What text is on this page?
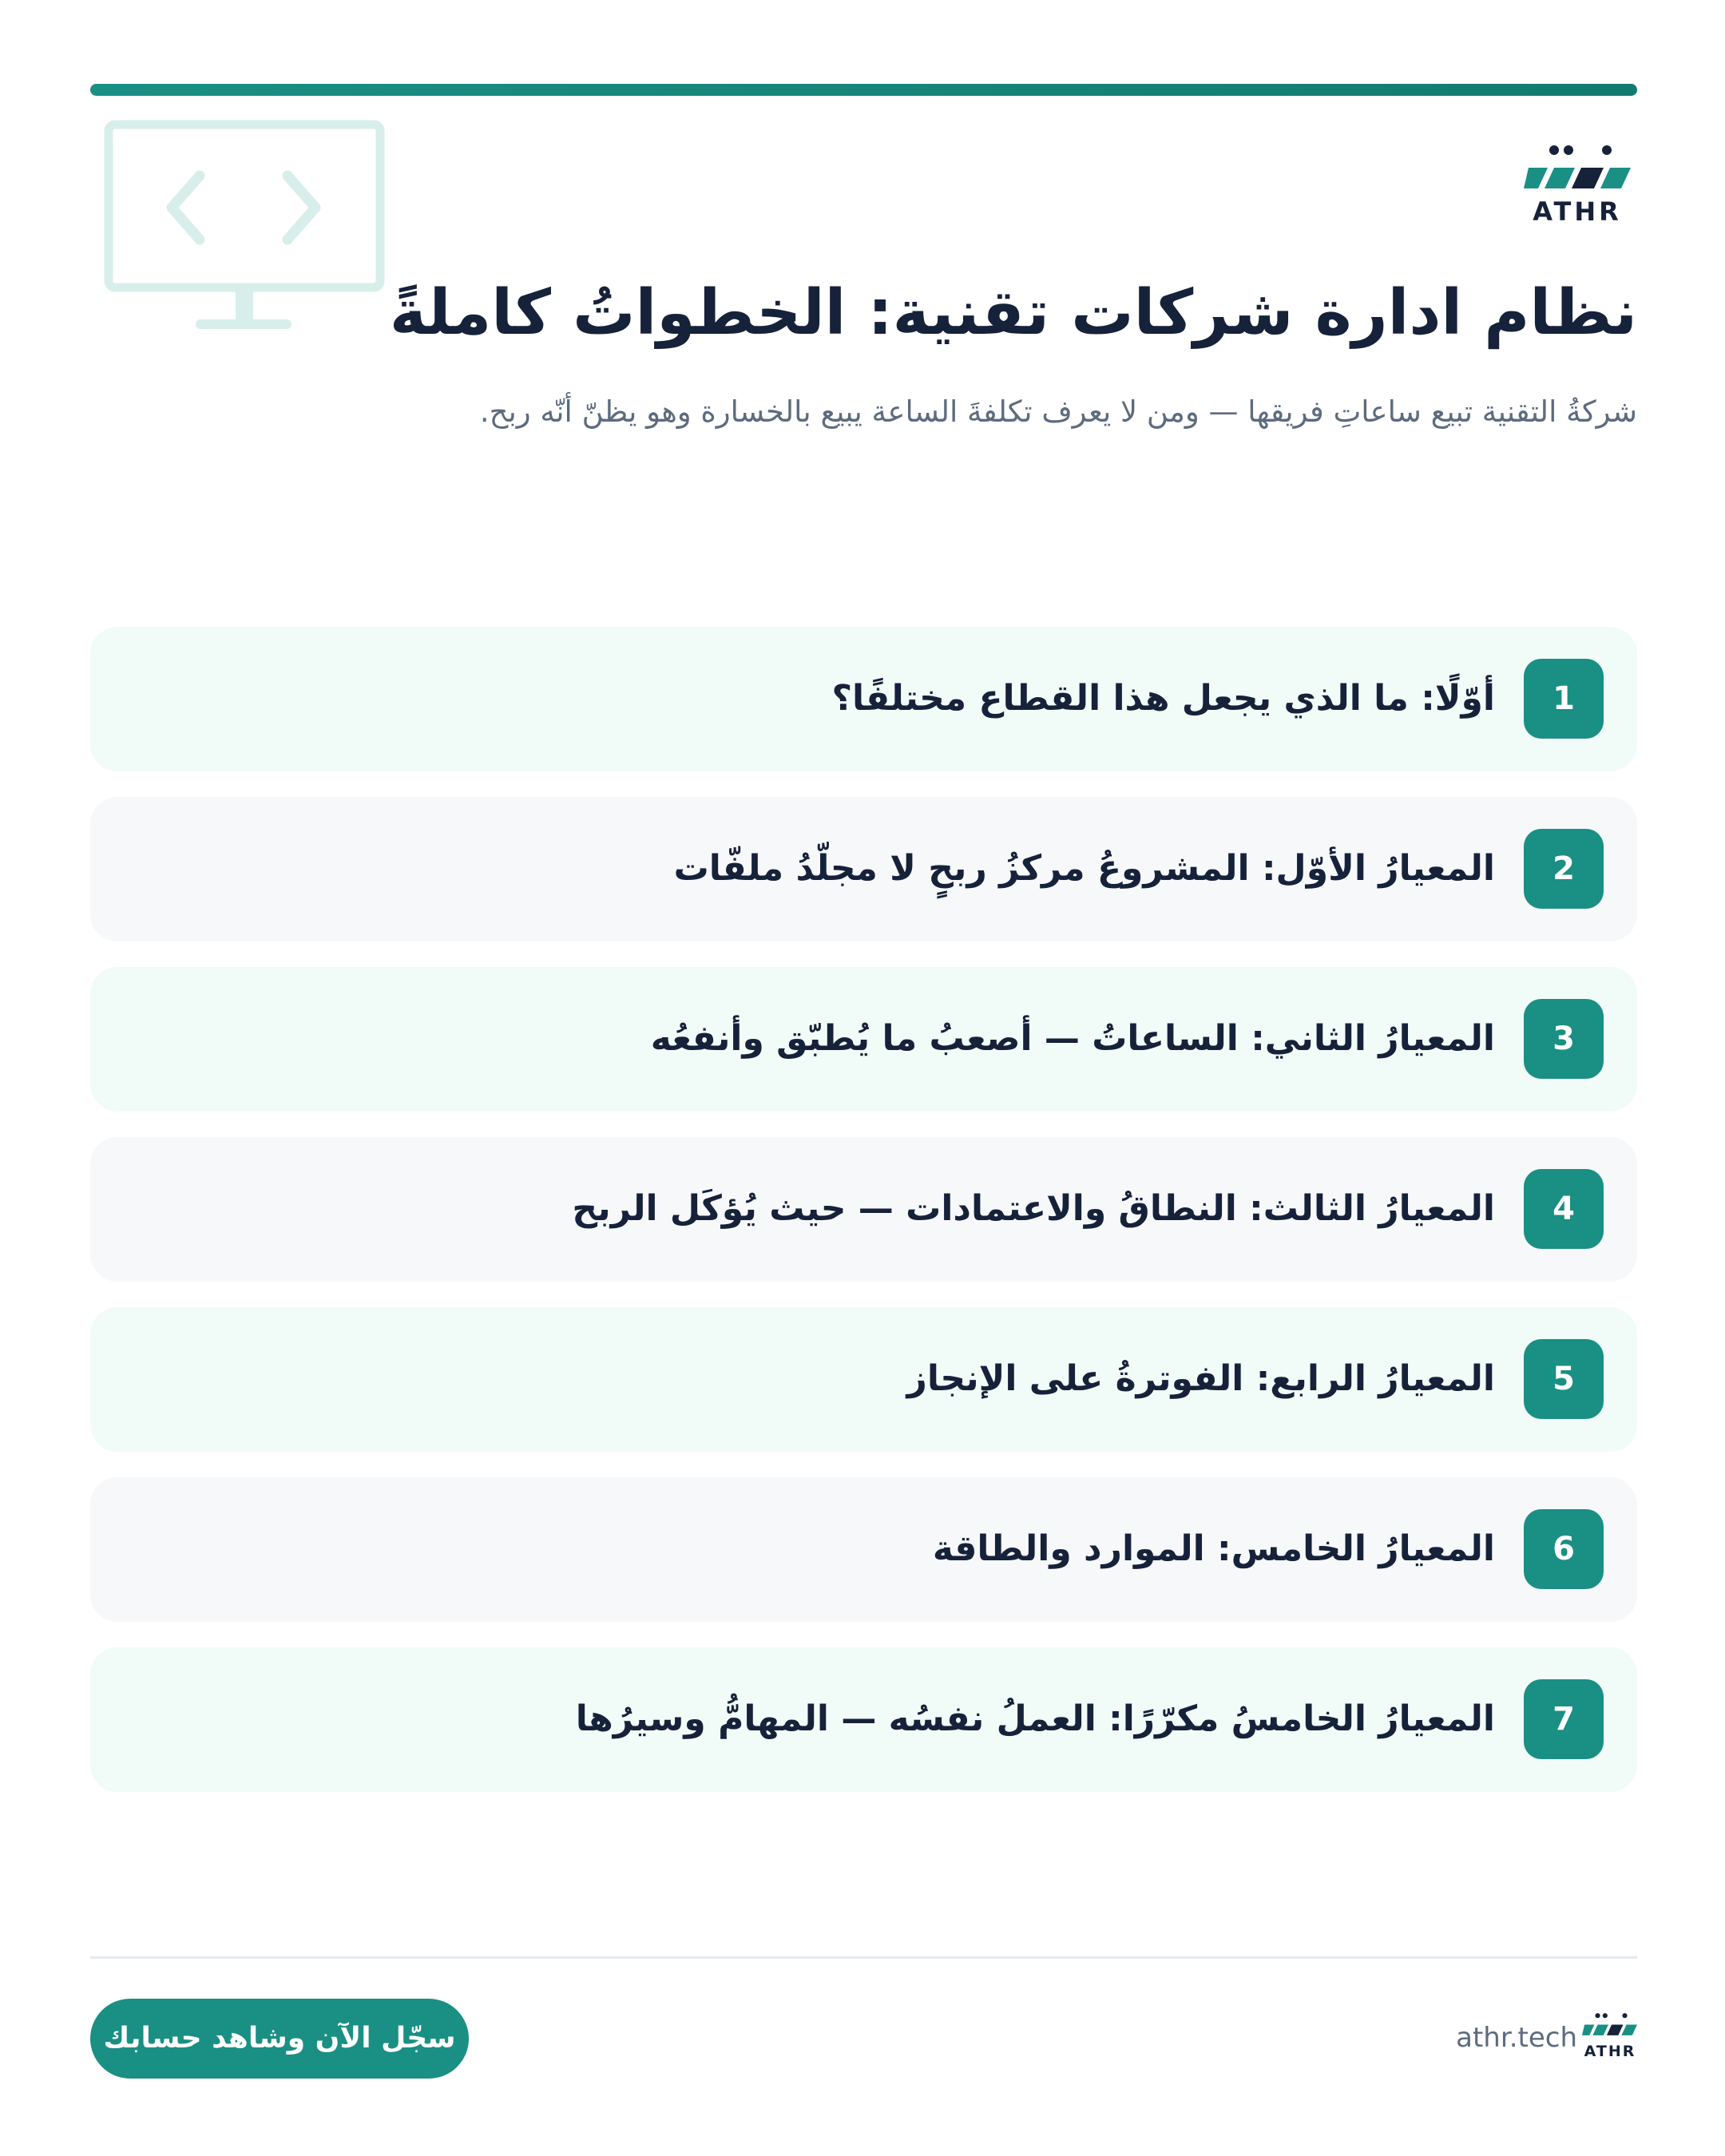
ATHR
نظام ادارة شركات تقنية: الخطواتُ كاملةً

شركةُ التقنية تبيع ساعاتِ فريقها — ومن لا يعرف تكلفةَ الساعة يبيع بالخسارة وهو يظنّ أنّه ربح.

1
أوّلًا: ما الذي يجعل هذا القطاع مختلفًا؟
2
المعيارُ الأوّل: المشروعُ مركزُ ربحٍ لا مجلّدُ ملفّات
3
المعيارُ الثاني: الساعاتُ — أصعبُ ما يُطبّق وأنفعُه
4
المعيارُ الثالث: النطاقُ والاعتمادات — حيث يُؤكَل الربح
5
المعيارُ الرابع: الفوترةُ على الإنجاز
6
المعيارُ الخامس: الموارد والطاقة
7
المعيارُ الخامسُ مكرّرًا: العملُ نفسُه — المهامُّ وسيرُها
سجّل الآن وشاهد حسابك	athr.tech ATHR
